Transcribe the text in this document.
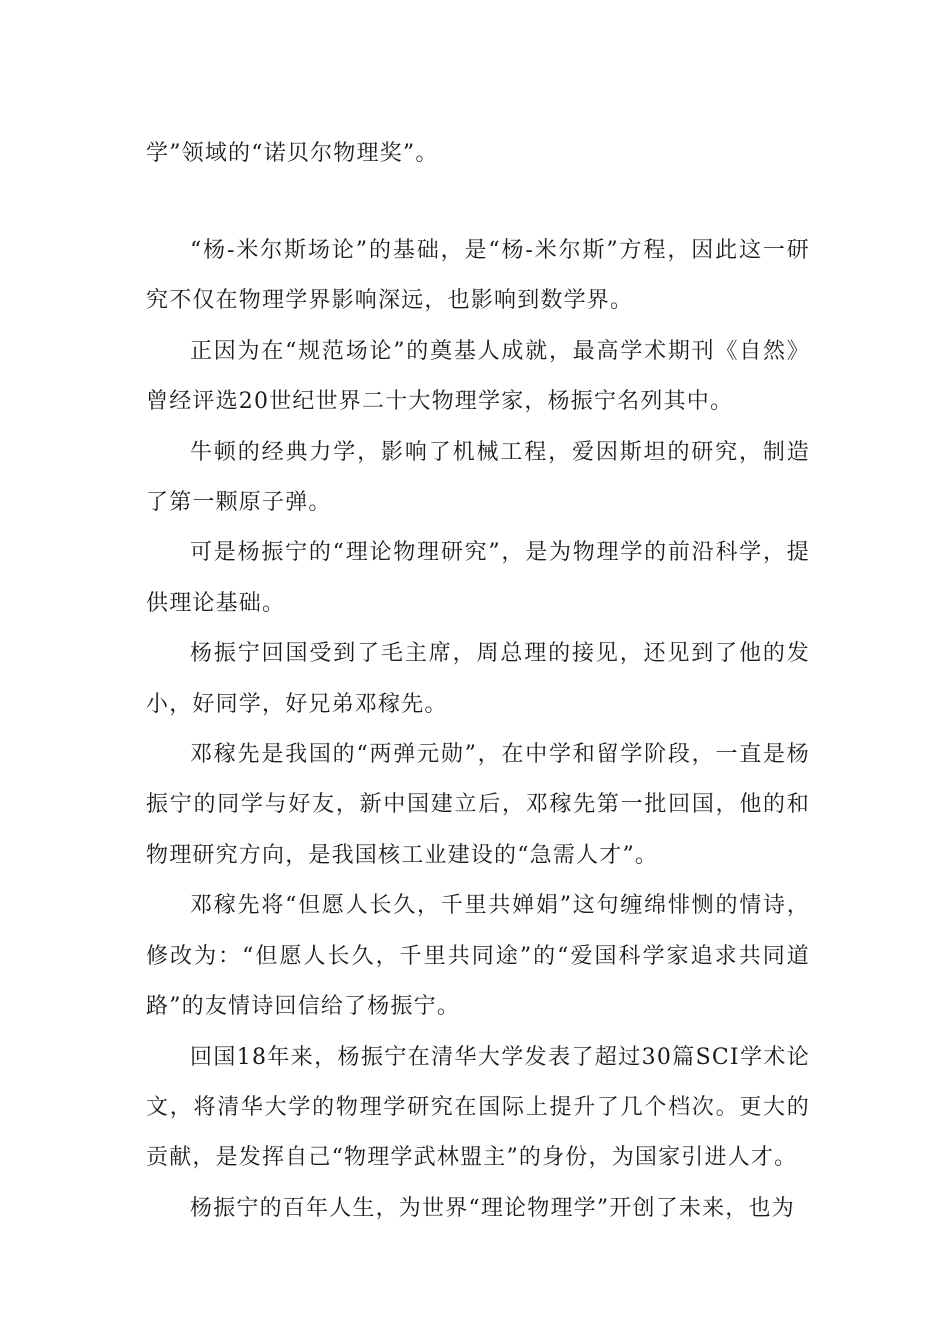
学”领域的“诺贝尔物理奖”。

“杨-米尔斯场论”的基础，是“杨-米尔斯”方程，因此这一研究不仅在物理学界影响深远，也影响到数学界。

正因为在“规范场论”的奠基人成就，最高学术期刊《自然》曾经评选20世纪世界二十大物理学家，杨振宁名列其中。

牛顿的经典力学，影响了机械工程，爱因斯坦的研究，制造了第一颗原子弹。

可是杨振宁的“理论物理研究”，是为物理学的前沿科学，提供理论基础。

杨振宁回国受到了毛主席，周总理的接见，还见到了他的发小，好同学，好兄弟邓稼先。

邓稼先是我国的“两弹元勋”，在中学和留学阶段，一直是杨振宁的同学与好友，新中国建立后，邓稼先第一批回国，他的和物理研究方向，是我国核工业建设的“急需人才”。

邓稼先将“但愿人长久，千里共婵娟”这句缠绵悱恻的情诗，修改为：“但愿人长久，千里共同途”的“爱国科学家追求共同道路”的友情诗回信给了杨振宁。

回国18年来，杨振宁在清华大学发表了超过30篇SCI学术论文，将清华大学的物理学研究在国际上提升了几个档次。更大的贡献，是发挥自己“物理学武林盟主”的身份，为国家引进人才。

杨振宁的百年人生，为世界“理论物理学”开创了未来，也为
